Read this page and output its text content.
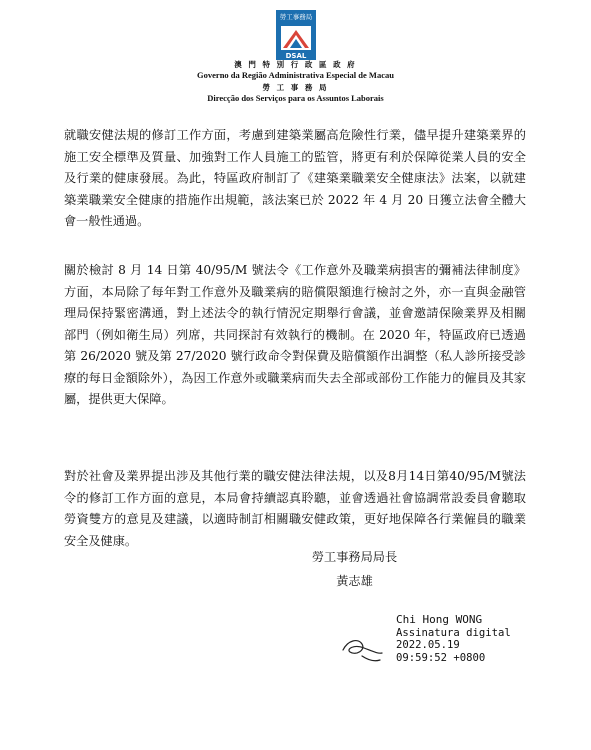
勞工事務局
DSAL
澳 門 特 別 行 政 區 政 府
Governo da Região Administrativa Especial de Macau
勞 工 事 務 局
Direcção dos Serviços para os Assuntos Laborais

就職安健法規的修訂工作方面，考慮到建築業屬高危險性行業，儘早提升建築業界的施工安全標準及質量、加強對工作人員施工的監管，將更有利於保障從業人員的安全及行業的健康發展。為此，特區政府制訂了《建築業職業安全健康法》法案，以就建築業職業安全健康的措施作出規範，該法案已於 2022 年 4 月 20 日獲立法會全體大會一般性通過。

關於檢討 8 月 14 日第 40/95/M 號法令《工作意外及職業病損害的彌補法律制度》方面，本局除了每年對工作意外及職業病的賠償限額進行檢討之外，亦一直與金融管理局保持緊密溝通，對上述法令的執行情況定期舉行會議，並會邀請保險業界及相關部門（例如衛生局）列席，共同探討有效執行的機制。在 2020 年，特區政府已透過第 26/2020 號及第 27/2020 號行政命令對保費及賠償額作出調整（私人診所接受診療的每日金額除外），為因工作意外或職業病而失去全部或部份工作能力的僱員及其家屬，提供更大保障。

對於社會及業界提出涉及其他行業的職安健法律法規，以及8月14日第40/95/M號法令的修訂工作方面的意見，本局會持續認真聆聽，並會透過社會協調常設委員會聽取勞資雙方的意見及建議，以適時制訂相關職安健政策，更好地保障各行業僱員的職業安全及健康。

勞工事務局局長
黃志雄
Chi Hong WONG
Assinatura digital
2022.05.19
09:59:52 +0800
